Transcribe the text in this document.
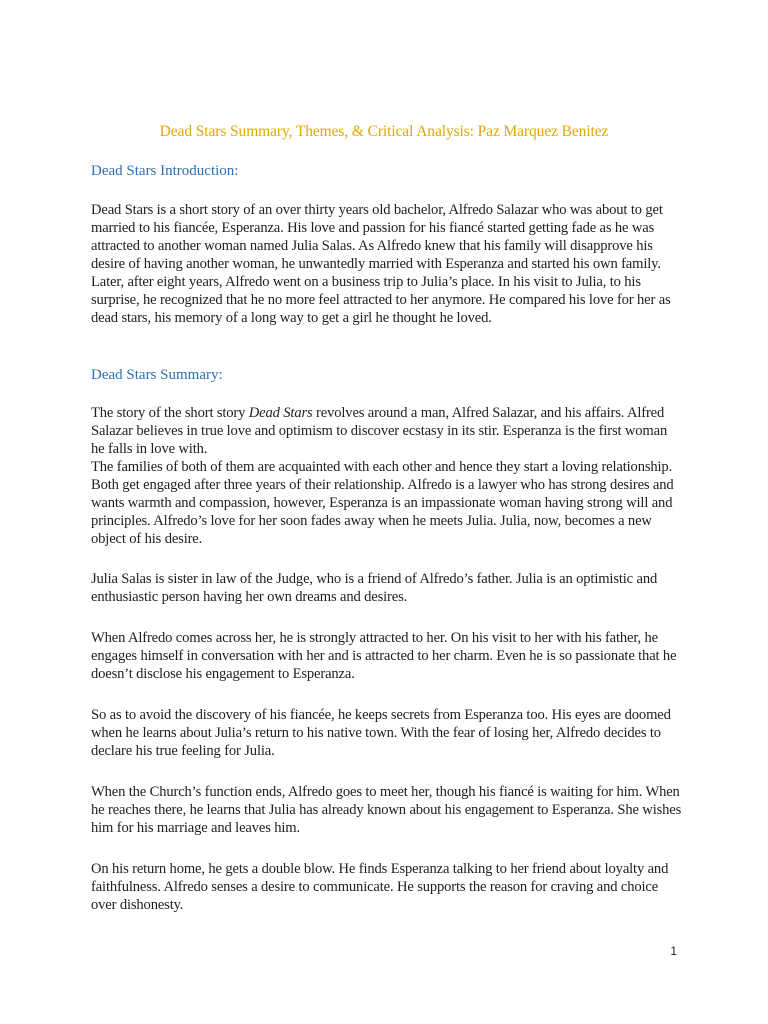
Dead Stars Summary, Themes, & Critical Analysis: Paz Marquez Benitez
Dead Stars Introduction:

Dead Stars is a short story of an over thirty years old bachelor, Alfredo Salazar who was about to get married to his fiancée, Esperanza. His love and passion for his fiancé started getting fade as he was attracted to another woman named Julia Salas. As Alfredo knew that his family will disapprove his desire of having another woman, he unwantedly married with Esperanza and started his own family. Later, after eight years, Alfredo went on a business trip to Julia’s place. In his visit to Julia, to his surprise, he recognized that he no more feel attracted to her anymore. He compared his love for her as dead stars, his memory of a long way to get a girl he thought he loved.

Dead Stars Summary:

The story of the short story Dead Stars revolves around a man, Alfred Salazar, and his affairs. Alfred Salazar believes in true love and optimism to discover ecstasy in its stir. Esperanza is the first woman he falls in love with.

The families of both of them are acquainted with each other and hence they start a loving relationship. Both get engaged after three years of their relationship. Alfredo is a lawyer who has strong desires and wants warmth and compassion, however, Esperanza is an impassionate woman having strong will and principles. Alfredo’s love for her soon fades away when he meets Julia. Julia, now, becomes a new object of his desire.

Julia Salas is sister in law of the Judge, who is a friend of Alfredo’s father. Julia is an optimistic and enthusiastic person having her own dreams and desires.

When Alfredo comes across her, he is strongly attracted to her. On his visit to her with his father, he engages himself in conversation with her and is attracted to her charm. Even he is so passionate that he doesn’t disclose his engagement to Esperanza.

So as to avoid the discovery of his fiancée, he keeps secrets from Esperanza too. His eyes are doomed when he learns about Julia’s return to his native town. With the fear of losing her, Alfredo decides to declare his true feeling for Julia.

When the Church’s function ends, Alfredo goes to meet her, though his fiancé is waiting for him. When he reaches there, he learns that Julia has already known about his engagement to Esperanza. She wishes him for his marriage and leaves him.

On his return home, he gets a double blow. He finds Esperanza talking to her friend about loyalty and faithfulness. Alfredo senses a desire to communicate. He supports the reason for craving and choice over dishonesty.

1
